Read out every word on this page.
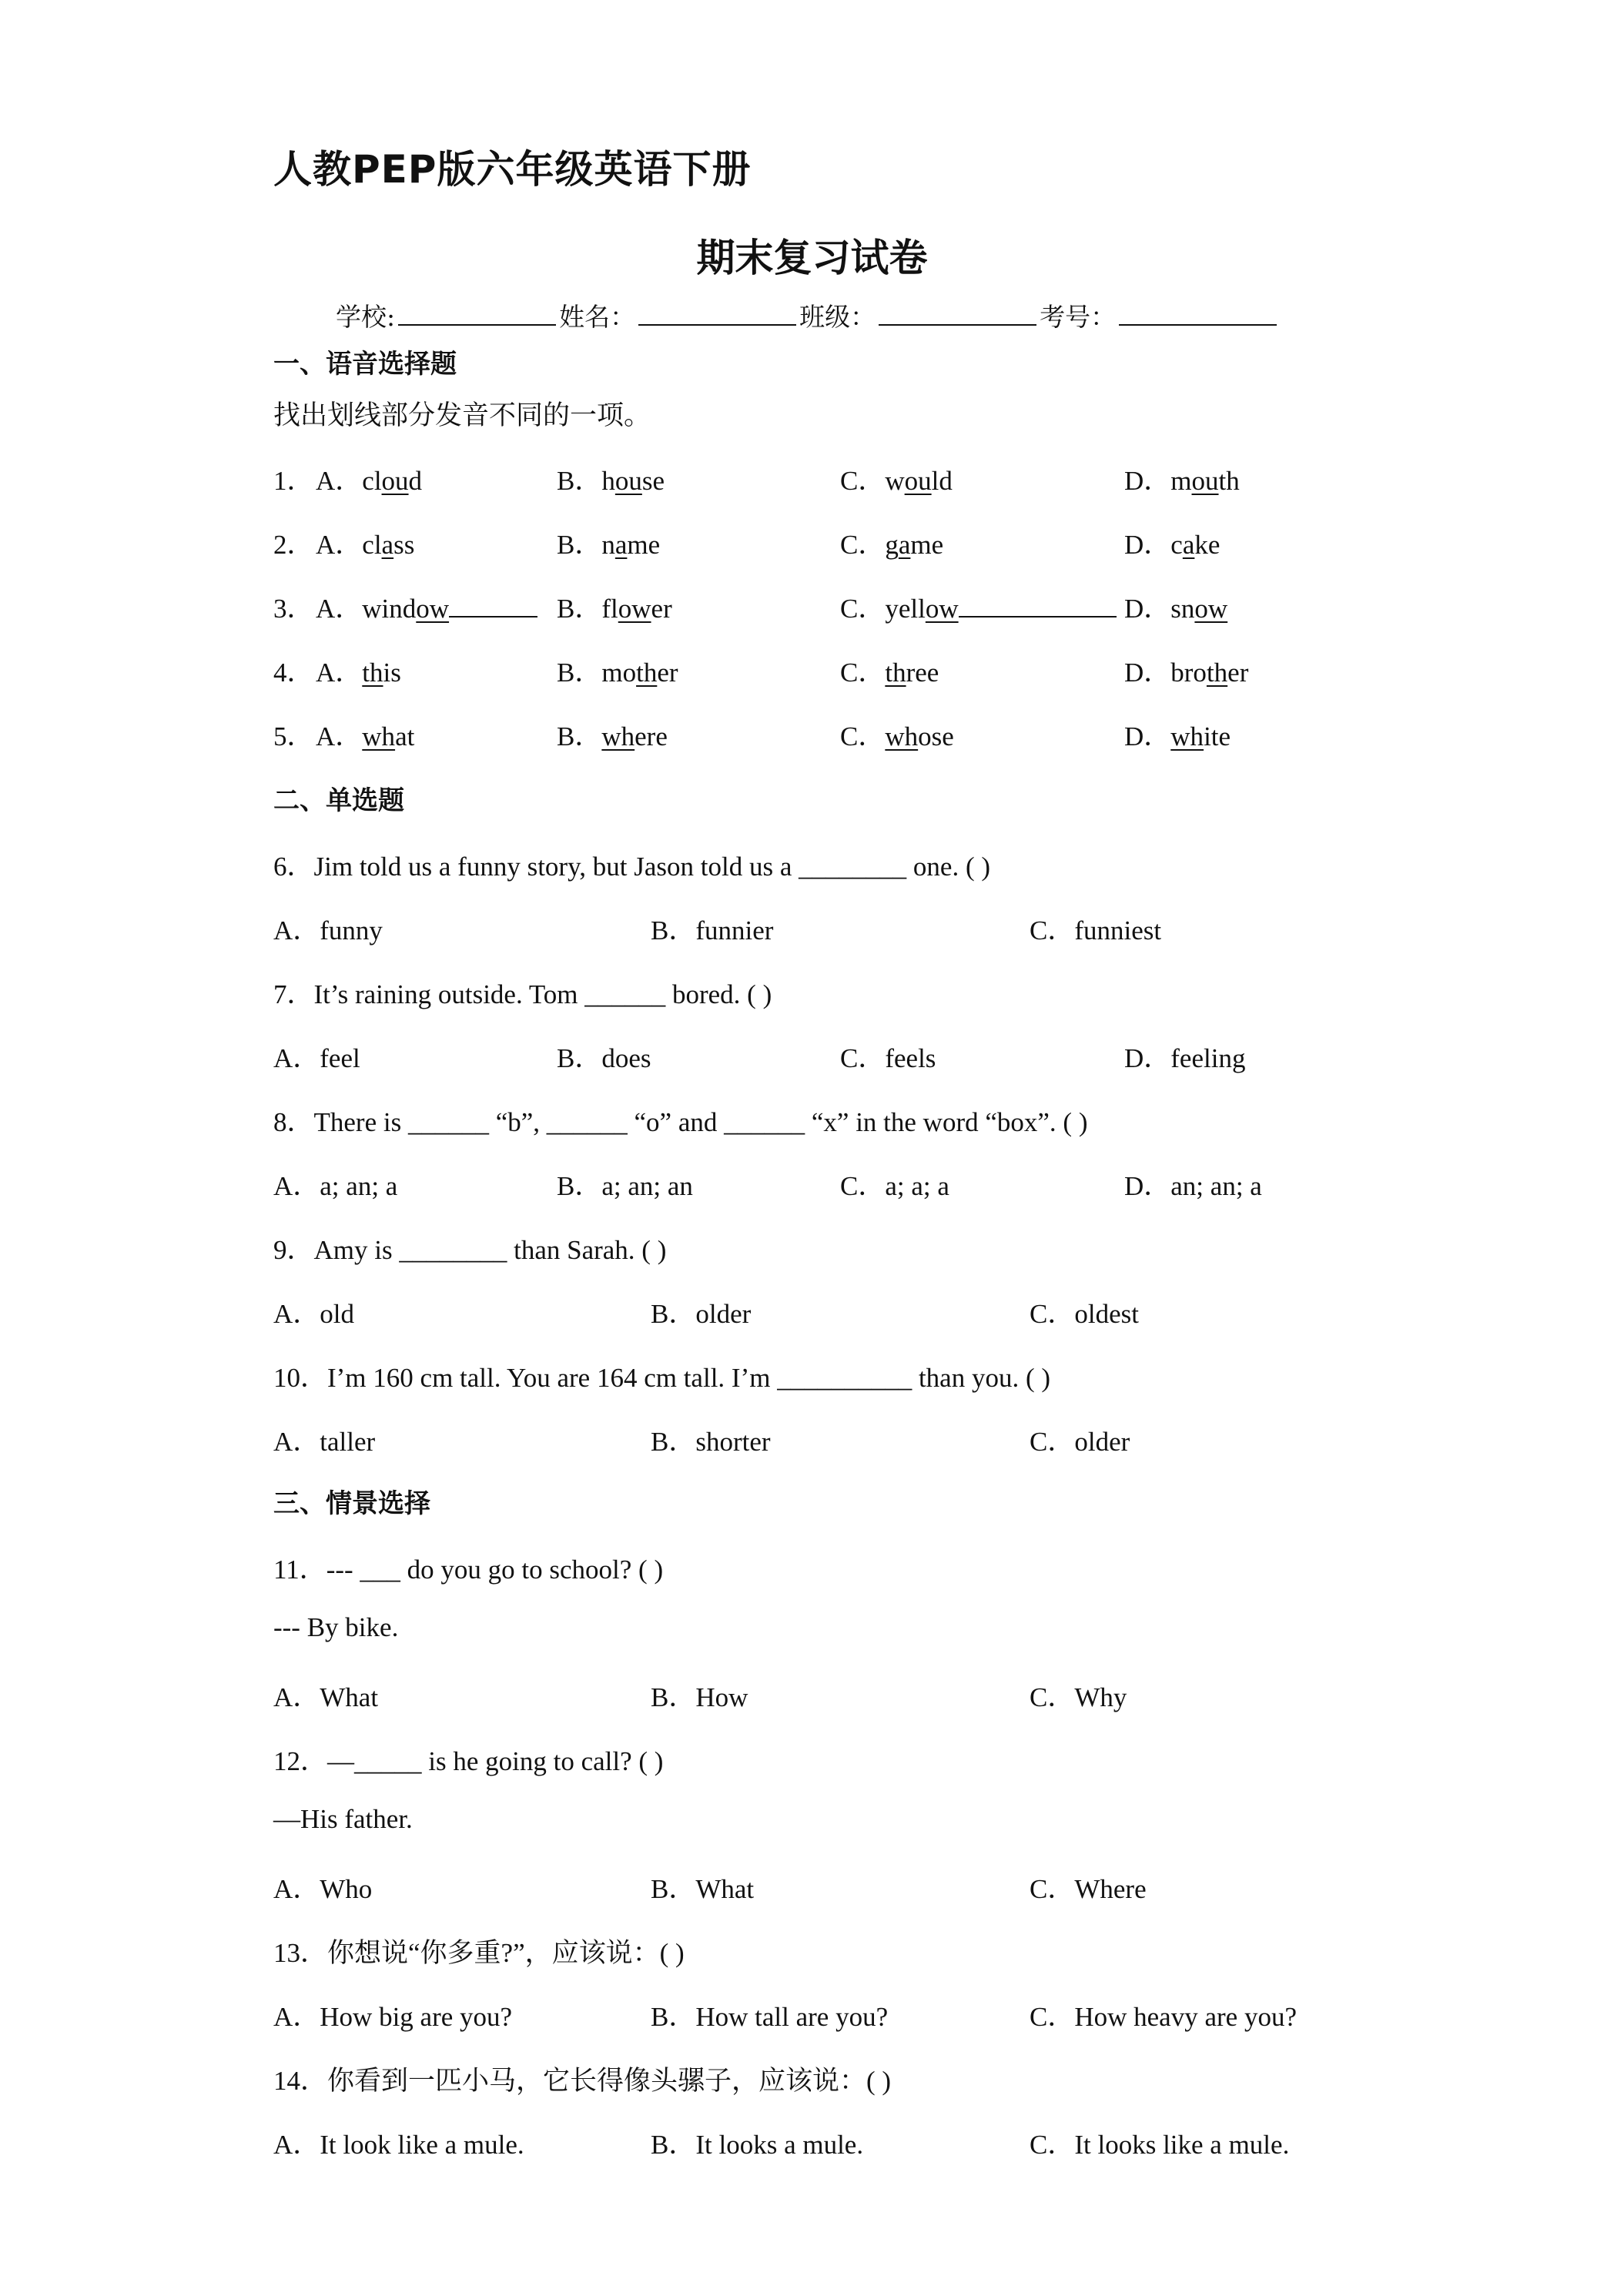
人教PEP版六年级英语下册
期末复习试卷
学校:	姓名：	班级：	考号：
一、语音选择题
找出划线部分发音不同的一项。
1． A．cloud	B．house	C．would	D．mouth
2． A．class	B．name	C．game	D．cake
3． A．window	B．flower	C．yellow	D．snow
4． A．this	B．mother	C．three	D．brother
5． A．what	B．where	C．whose	D．white
二、单选题
6．Jim told us a funny story, but Jason told us a ________ one. ( )
A．funny	B．funnier	C．funniest
7．It’s raining outside. Tom ______ bored. ( )
A．feel	B．does	C．feels	D．feeling
8．There is ______ “b”, ______ “o” and ______ “x” in the word “box”. ( )
A．a; an; a	B．a; an; an	C．a; a; a	D．an; an; a
9．Amy is ________ than Sarah. ( )
A．old	B．older	C．oldest
10．I’m 160 cm tall. You are 164 cm tall. I’m __________ than you. ( )
A．taller	B．shorter	C．older
三、情景选择
11．--- ___ do you go to school? ( )
--- By bike.
A．What	B．How	C．Why
12．—_____ is he going to call? ( )
—His father.
A．Who	B．What	C．Where
13．你想说“你多重?”，应该说：( )
A．How big are you?	B．How tall are you?	C．How heavy are you?
14．你看到一匹小马，它长得像头骡子，应该说：( )
A．It look like a mule.	B．It looks a mule.	C．It looks like a mule.
